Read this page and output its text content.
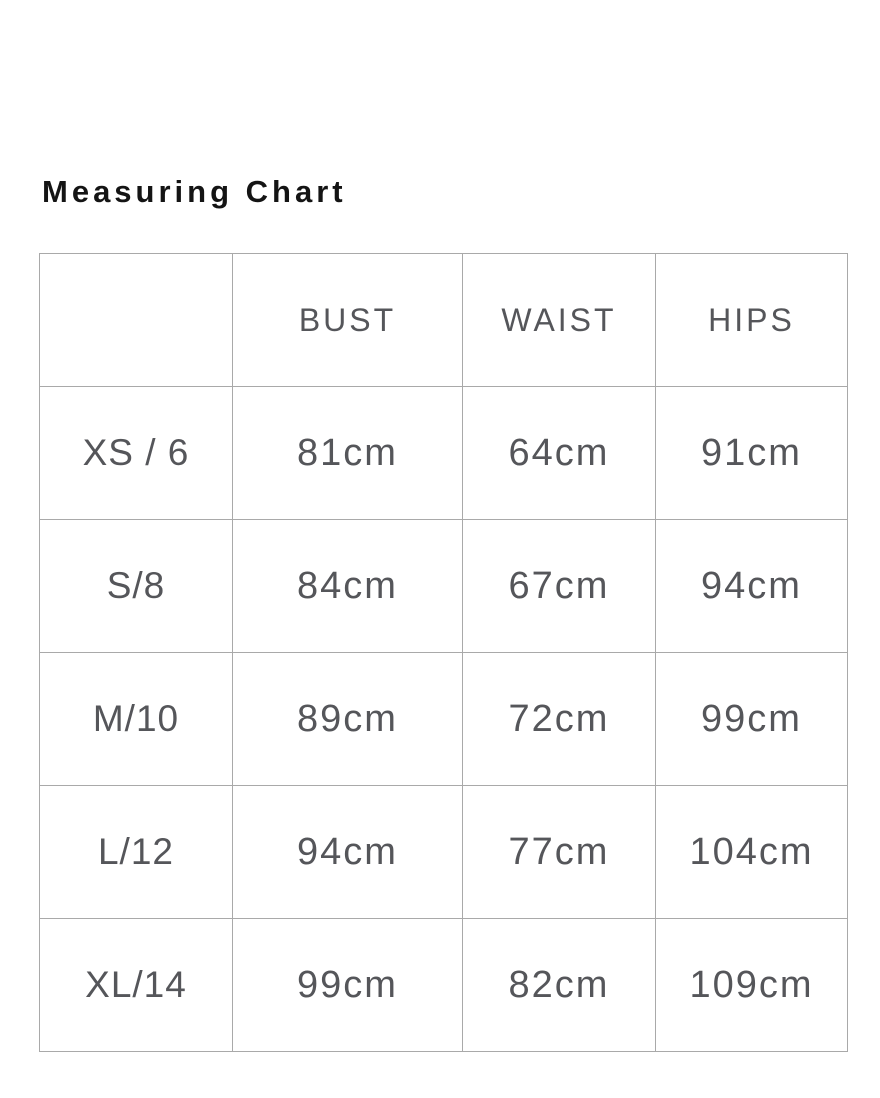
Measuring Chart
	BUST	WAIST	HIPS
XS / 6	81cm	64cm	91cm
S/8	84cm	67cm	94cm
M/10	89cm	72cm	99cm
L/12	94cm	77cm	104cm
XL/14	99cm	82cm	109cm
